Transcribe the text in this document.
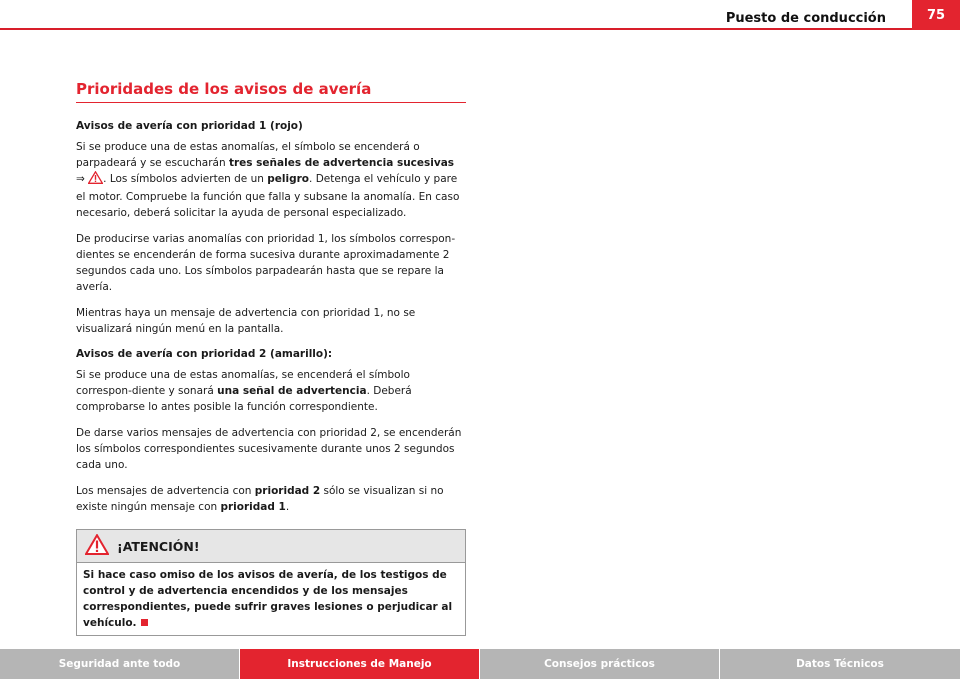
Puesto de conducción	75
Prioridades de los avisos de avería
Avisos de avería con prioridad 1 (rojo)

Si se produce una de estas anomalías, el símbolo se encenderá o parpadeará y se escucharán tres señales de advertencia sucesivas ⇒ . Los símbolos advierten de un peligro. Detenga el vehículo y pare el motor. Compruebe la función que falla y subsane la anomalía. En caso necesario, deberá solicitar la ayuda de personal especializado.

De producirse varias anomalías con prioridad 1, los símbolos correspon-dientes se encenderán de forma sucesiva durante aproximadamente 2 segundos cada uno. Los símbolos parpadearán hasta que se repare la avería.

Mientras haya un mensaje de advertencia con prioridad 1, no se visualizará ningún menú en la pantalla.

Avisos de avería con prioridad 2 (amarillo):

Si se produce una de estas anomalías, se encenderá el símbolo correspon-diente y sonará una señal de advertencia. Deberá comprobarse lo antes posible la función correspondiente.

De darse varios mensajes de advertencia con prioridad 2, se encenderán los símbolos correspondientes sucesivamente durante unos 2 segundos cada uno.

Los mensajes de advertencia con prioridad 2 sólo se visualizan si no existe ningún mensaje con prioridad 1.

¡ATENCIÓN!
Si hace caso omiso de los avisos de avería, de los testigos de control y de advertencia encendidos y de los mensajes correspondientes, puede sufrir graves lesiones o perjudicar al vehículo.
Seguridad ante todo	Instrucciones de Manejo	Consejos prácticos	Datos Técnicos
